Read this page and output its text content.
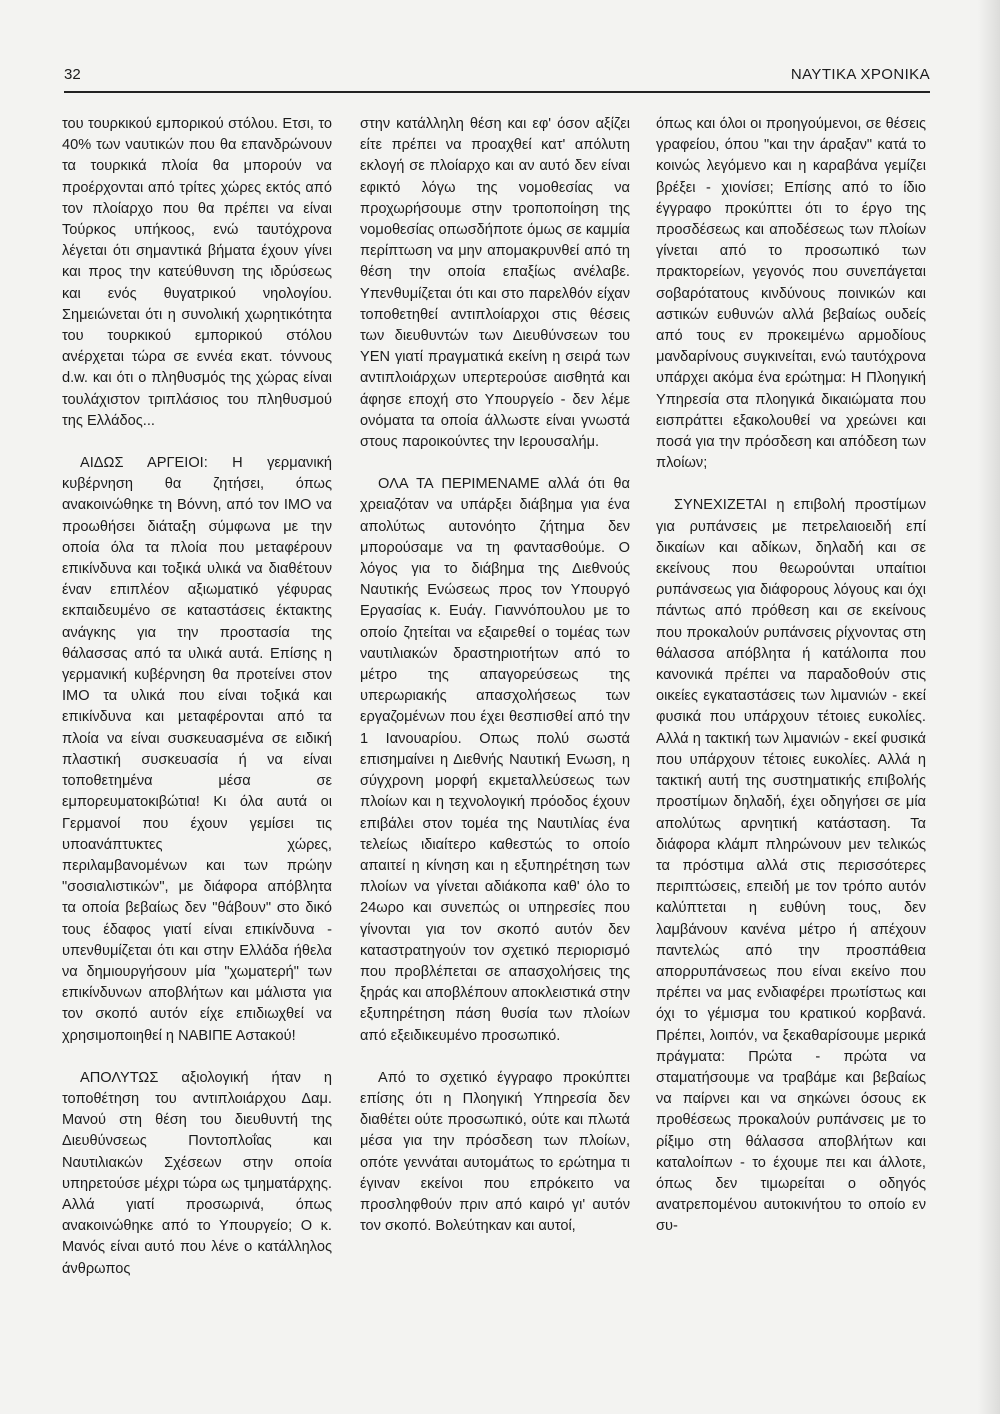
32	ΝΑΥΤΙΚΑ ΧΡΟΝΙΚΑ

του τουρκικού εμπορικού στόλου. Ετσι, το 40% των ναυτικών που θα επανδρώνουν τα τουρκικά πλοία θα μπορούν να προέρχονται από τρίτες χώρες εκτός από τον πλοίαρχο που θα πρέπει να είναι Τούρκος υπήκοος, ενώ ταυτόχρονα λέγεται ότι σημαντικά βήματα έχουν γίνει και προς την κατεύθυνση της ιδρύσεως και ενός θυγατρικού νηολογίου. Σημειώνεται ότι η συνολική χωρητικότητα του τουρκικού εμπορικού στόλου ανέρχεται τώρα σε εννέα εκατ. τόννους d.w. και ότι ο πληθυσμός της χώρας είναι τουλάχιστον τριπλάσιος του πληθυσμού της Ελλάδος...

ΑΙΔΩΣ ΑΡΓΕΙΟΙ: Η γερμανική κυβέρνηση θα ζητήσει, όπως ανακοινώθηκε τη Βόννη, από τον ΙΜΟ να προωθήσει διάταξη σύμφωνα με την οποία όλα τα πλοία που μεταφέρουν επικίνδυνα και τοξικά υλικά να διαθέτουν έναν επιπλέον αξιωματικό γέφυρας εκπαιδευμένο σε καταστάσεις έκτακτης ανάγκης για την προστασία της θάλασσας από τα υλικά αυτά. Επίσης η γερμανική κυβέρνηση θα προτείνει στον ΙΜΟ τα υλικά που είναι τοξικά και επικίνδυνα και μεταφέρονται από τα πλοία να είναι συσκευασμένα σε ειδική πλαστική συσκευασία ή να είναι τοποθετημένα μέσα σε εμπορευματοκιβώτια! Κι όλα αυτά οι Γερμανοί που έχουν γεμίσει τις υποανάπτυκτες χώρες, περιλαμβανομένων και των πρώην "σοσιαλιστικών", με διάφορα απόβλητα τα οποία βεβαίως δεν "θάβουν" στο δικό τους έδαφος γιατί είναι επικίνδυνα - υπενθυμίζεται ότι και στην Ελλάδα ήθελα να δημιουργήσουν μία "χωματερή" των επικίνδυνων αποβλήτων και μάλιστα για τον σκοπό αυτόν είχε επιδιωχθεί να χρησιμοποιηθεί η ΝΑΒΙΠΕ Αστακού!

ΑΠΟΛΥΤΩΣ αξιολογική ήταν η τοποθέτηση του αντιπλοιάρχου Δαμ. Μανού στη θέση του διευθυντή της Διευθύνσεως Ποντοπλοΐας και Ναυτιλιακών Σχέσεων στην οποία υπηρετούσε μέχρι τώρα ως τμηματάρχης. Αλλά γιατί προσωρινά, όπως ανακοινώθηκε από το Υπουργείο; Ο κ. Μανός είναι αυτό που λένε ο κατάλληλος άνθρωπος

στην κατάλληλη θέση και εφ' όσον αξίζει είτε πρέπει να προαχθεί κατ' απόλυτη εκλογή σε πλοίαρχο και αν αυτό δεν είναι εφικτό λόγω της νομοθεσίας να προχωρήσουμε στην τροποποίηση της νομοθεσίας οπωσδήποτε όμως σε καμμία περίπτωση να μην απομακρυνθεί από τη θέση την οποία επαξίως ανέλαβε. Υπενθυμίζεται ότι και στο παρελθόν είχαν τοποθετηθεί αντιπλοίαρχοι στις θέσεις των διευθυντών των Διευθύνσεων του ΥΕΝ γιατί πραγματικά εκείνη η σειρά των αντιπλοιάρχων υπερτερούσε αισθητά και άφησε εποχή στο Υπουργείο - δεν λέμε ονόματα τα οποία άλλωστε είναι γνωστά στους παροικούντες την Ιερουσαλήμ.

ΟΛΑ ΤΑ ΠΕΡΙΜΕΝΑΜΕ αλλά ότι θα χρειαζόταν να υπάρξει διάβημα για ένα απολύτως αυτονόητο ζήτημα δεν μπορούσαμε να τη φαντασθούμε. Ο λόγος για το διάβημα της Διεθνούς Ναυτικής Ενώσεως προς τον Υπουργό Εργασίας κ. Ευάγ. Γιαννόπουλου με το οποίο ζητείται να εξαιρεθεί ο τομέας των ναυτιλιακών δραστηριοτήτων από το μέτρο της απαγορεύσεως της υπερωριακής απασχολήσεως των εργαζομένων που έχει θεσπισθεί από την 1 Ιανουαρίου. Οπως πολύ σωστά επισημαίνει η Διεθνής Ναυτική Ενωση, η σύγχρονη μορφή εκμεταλλεύσεως των πλοίων και η τεχνολογική πρόοδος έχουν επιβάλει στον τομέα της Ναυτιλίας ένα τελείως ιδιαίτερο καθεστώς το οποίο απαιτεί η κίνηση και η εξυπηρέτηση των πλοίων να γίνεται αδιάκοπα καθ' όλο το 24ωρο και συνεπώς οι υπηρεσίες που γίνονται για τον σκοπό αυτόν δεν καταστρατηγούν τον σχετικό περιορισμό που προβλέπεται σε απασχολήσεις της ξηράς και αποβλέπουν αποκλειστικά στην εξυπηρέτηση πάση θυσία των πλοίων από εξειδικευμένο προσωπικό.

Από το σχετικό έγγραφο προκύπτει επίσης ότι η Πλοηγική Υπηρεσία δεν διαθέτει ούτε προσωπικό, ούτε και πλωτά μέσα για την πρόσδεση των πλοίων, οπότε γεννάται αυτομάτως το ερώτημα τι έγιναν εκείνοι που επρόκειτο να προσληφθούν πριν από καιρό γι' αυτόν τον σκοπό. Βολεύτηκαν και αυτοί,

όπως και όλοι οι προηγούμενοι, σε θέσεις γραφείου, όπου "και την άραξαν" κατά το κοινώς λεγόμενο και η καραβάνα γεμίζει βρέξει - χιονίσει; Επίσης από το ίδιο έγγραφο προκύπτει ότι το έργο της προσδέσεως και αποδέσεως των πλοίων γίνεται από το προσωπικό των πρακτορείων, γεγονός που συνεπάγεται σοβαρότατους κινδύνους ποινικών και αστικών ευθυνών αλλά βεβαίως ουδείς από τους εν προκειμένω αρμοδίους μανδαρίνους συγκινείται, ενώ ταυτόχρονα υπάρχει ακόμα ένα ερώτημα: Η Πλοηγική Υπηρεσία στα πλοηγικά δικαιώματα που εισπράττει εξακολουθεί να χρεώνει και ποσά για την πρόσδεση και απόδεση των πλοίων;

ΣΥΝΕΧΙΖΕΤΑΙ η επιβολή προστίμων για ρυπάνσεις με πετρελαιοειδή επί δικαίων και αδίκων, δηλαδή και σε εκείνους που θεωρούνται υπαίτιοι ρυπάνσεως για διάφορους λόγους και όχι πάντως από πρόθεση και σε εκείνους που προκαλούν ρυπάνσεις ρίχνοντας στη θάλασσα απόβλητα ή κατάλοιπα που κανονικά πρέπει να παραδοθούν στις οικείες εγκαταστάσεις των λιμανιών - εκεί φυσικά που υπάρχουν τέτοιες ευκολίες. Αλλά η τακτική των λιμανιών - εκεί φυσικά που υπάρχουν τέτοιες ευκολίες. Αλλά η τακτική αυτή της συστηματικής επιβολής προστίμων δηλαδή, έχει οδηγήσει σε μία απολύτως αρνητική κατάσταση. Τα διάφορα κλάμπ πληρώνουν μεν τελικώς τα πρόστιμα αλλά στις περισσότερες περιπτώσεις, επειδή με τον τρόπο αυτόν καλύπτεται η ευθύνη τους, δεν λαμβάνουν κανένα μέτρο ή απέχουν παντελώς από την προσπάθεια απορρυπάνσεως που είναι εκείνο που πρέπει να μας ενδιαφέρει πρωτίστως και όχι το γέμισμα του κρατικού κορβανά. Πρέπει, λοιπόν, να ξεκαθαρίσουμε μερικά πράγματα: Πρώτα - πρώτα να σταματήσουμε να τραβάμε και βεβαίως να παίρνει και να σηκώνει όσους εκ προθέσεως προκαλούν ρυπάνσεις με το ρίξιμο στη θάλασσα αποβλήτων και καταλοίπων - το έχουμε πει και άλλοτε, όπως δεν τιμωρείται ο οδηγός ανατρεπομένου αυτοκινήτου το οποίο εν συ-
